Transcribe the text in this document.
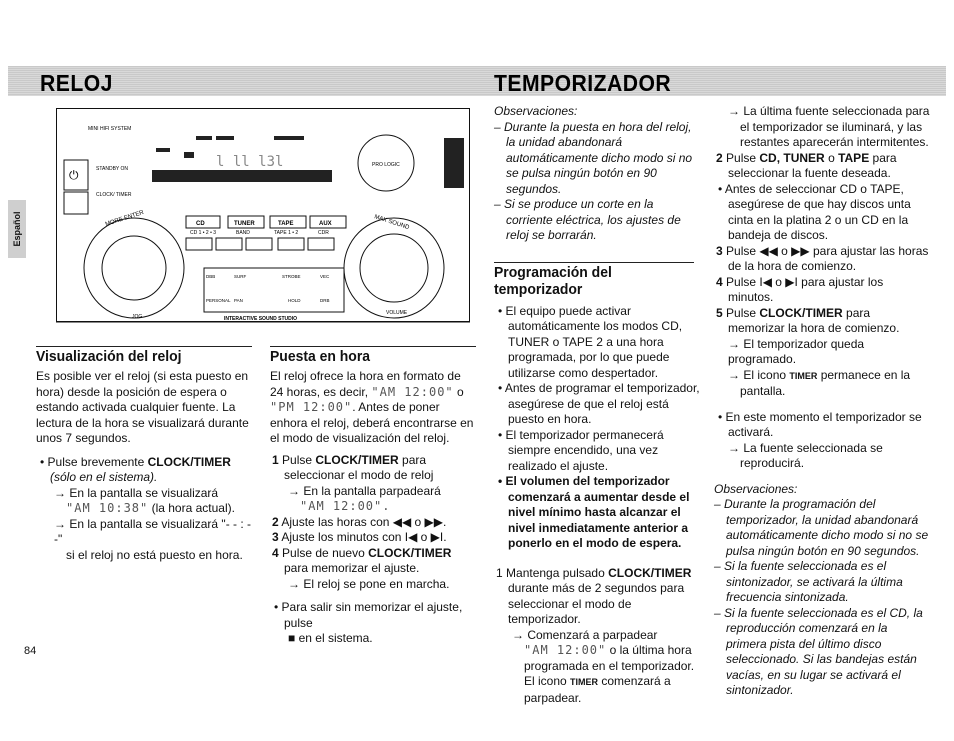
RELOJ	TEMPORIZADOR
Español
MINI HIFI SYSTEM
l ll l3l	PRO LOGIC
⏻	STANDBY ON
CLOCK/ TIMER
CD	TUNER	TAPE	AUX
CD 1 • 2 • 3	BAND	TAPE 1 • 2	CDR
MORE ENTER	MAX SOUND
JOG
VOLUME
DBB	SURF	STROBE	VEC
PERSONAL PAN	HOLD	DRB
INTERACTIVE SOUND STUDIO

Visualización del reloj

Es posible ver el reloj (si esta puesto en hora) desde la posición de espera o estando activada cualquier fuente. La lectura de la hora se visualizará durante unos 7 segundos.

• Pulse brevemente CLOCK/TIMER (sólo en el sistema).

→ En la pantalla se visualizará

"AM 10:38" (la hora actual).

→ En la pantalla se visualizará "- - : - -"

si el reloj no está puesto en hora.

Puesta en hora

El reloj ofrece la hora en formato de 24 horas, es decir, "AM 12:00" o
"PM 12:00". Antes de poner enhora el reloj, deberá encontrarse en el modo de visualización del reloj.

1 Pulse CLOCK/TIMER para seleccionar el modo de reloj

→ En la pantalla parpadeará

"AM 12:00".

2 Ajuste las horas con ◀◀ o ▶▶.

3 Ajuste los minutos con I◀ o ▶I.

4 Pulse de nuevo CLOCK/TIMER para memorizar el ajuste.

→ El reloj se pone en marcha.

• Para salir sin memorizar el ajuste, pulse

■ en el sistema.

Observaciones:

– Durante la puesta en hora del reloj, la unidad abandonará automáticamente dicho modo si no se pulsa ningún botón en 90 segundos.

– Si se produce un corte en la corriente eléctrica, los ajustes de reloj se borrarán.

Programación del temporizador

• El equipo puede activar automáticamente los modos CD, TUNER o TAPE 2 a una hora programada, por lo que puede utilizarse como despertador.

• Antes de programar el temporizador, asegúrese de que el reloj está puesto en hora.

• El temporizador permanecerá siempre encendido, una vez realizado el ajuste.

• El volumen del temporizador comenzará a aumentar desde el nivel mínimo hasta alcanzar el nivel inmediatamente anterior a ponerlo en el modo de espera.

1 Mantenga pulsado CLOCK/TIMER durante más de 2 segundos para seleccionar el modo de temporizador.

→ Comenzará a parpadear

"AM 12:00" o la última hora programada en el temporizador. El icono TIMER comenzará a parpadear.

→ La última fuente seleccionada para el temporizador se iluminará, y las restantes aparecerán intermitentes.

2 Pulse CD, TUNER o TAPE para seleccionar la fuente deseada.

• Antes de seleccionar CD o TAPE, asegúrese de que hay discos unta cinta en la platina 2 o un CD en la bandeja de discos.

3 Pulse ◀◀ o ▶▶ para ajustar las horas de la hora de comienzo.

4 Pulse I◀ o ▶I para ajustar los minutos.

5 Pulse CLOCK/TIMER para memorizar la hora de comienzo.

→ El temporizador queda programado.

→ El icono TIMER permanece en la pantalla.

• En este momento el temporizador se activará.

→ La fuente seleccionada se reproducirá.

Observaciones:

– Durante la programación del temporizador, la unidad abandonará automáticamente dicho modo si no se pulsa ningún botón en 90 segundos.

– Si la fuente seleccionada es el sintonizador, se activará la última frecuencia sintonizada.

– Si la fuente seleccionada es el CD, la reproducción comenzará en la primera pista del último disco seleccionado. Si las bandejas están vacías, en su lugar se activará el sintonizador.

84
